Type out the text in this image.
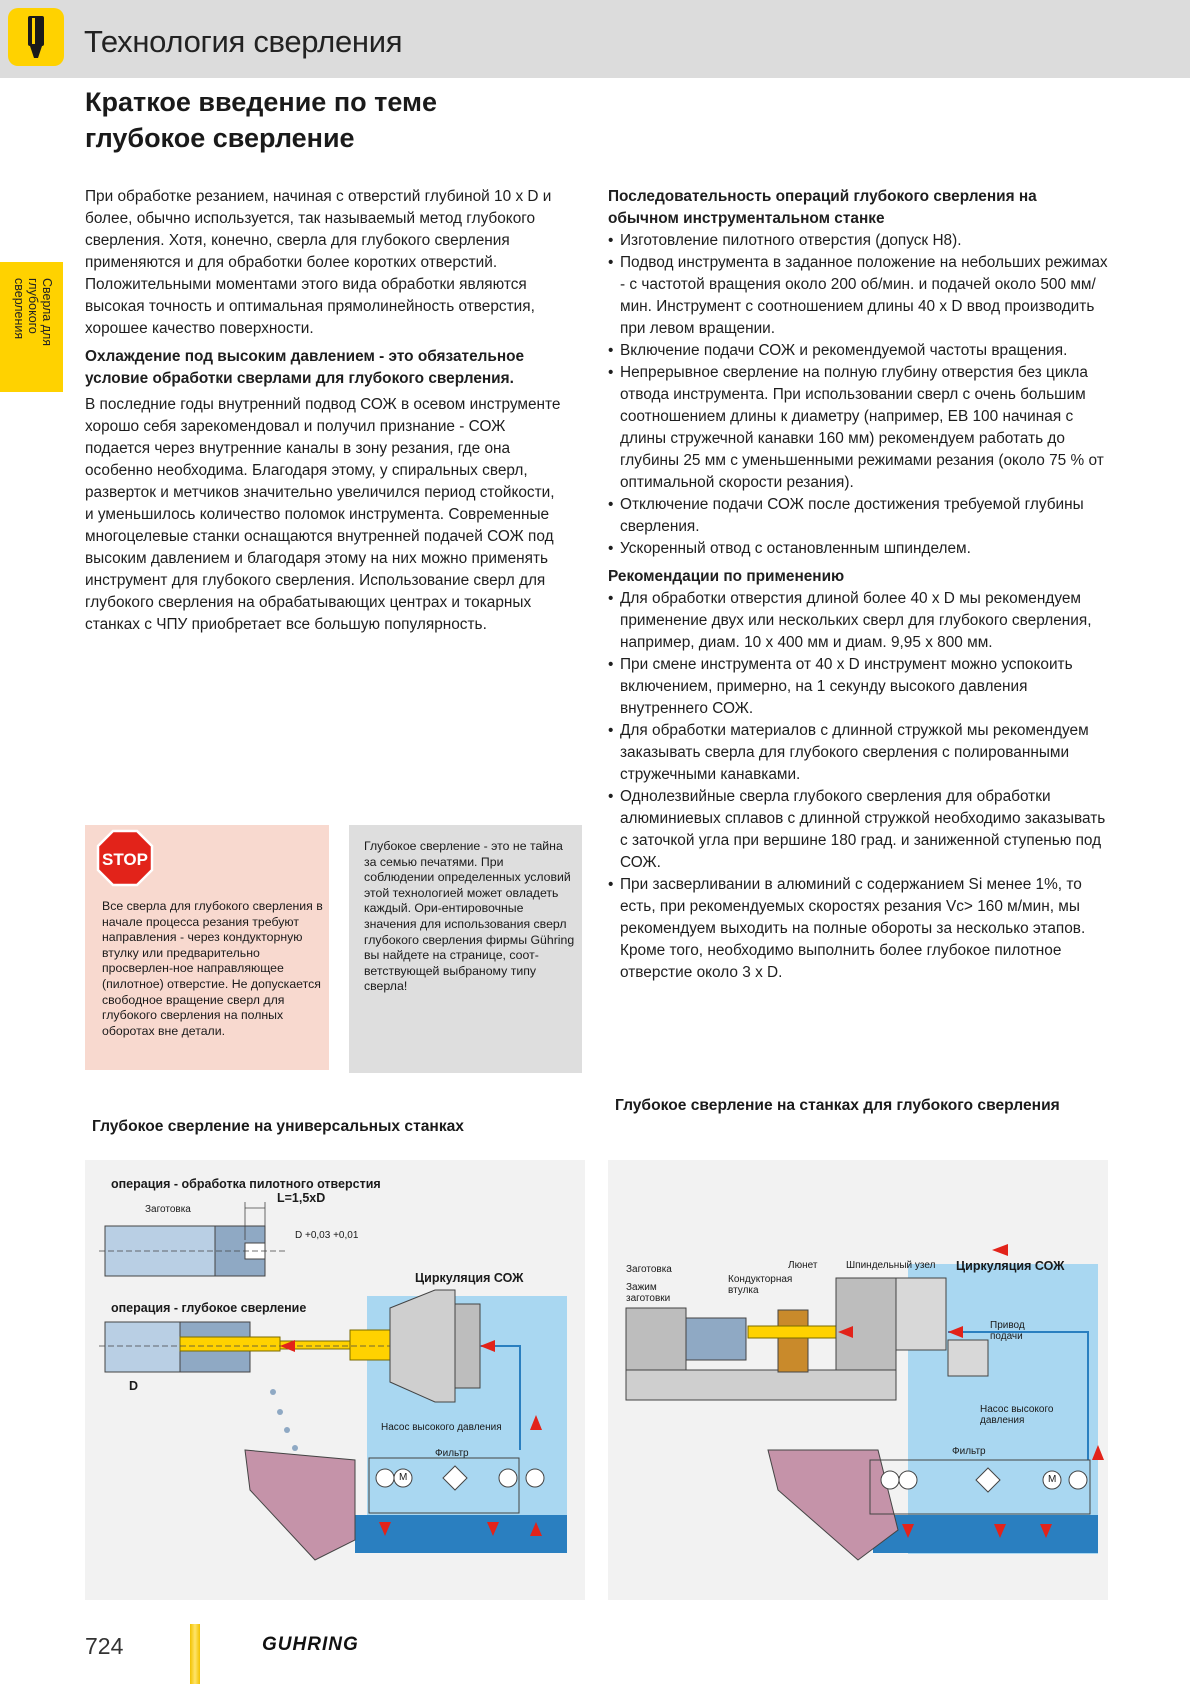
Технология сверления
Сверла для глубокого сверления
Краткое введение по теме
глубокое сверление

При обработке резанием, начиная с отверстий глубиной 10 x D и более, обычно используется, так называемый метод глубокого сверления. Хотя, конечно, сверла для глубокого сверления применяются и для обработки более коротких отверстий. Положительными моментами этого вида обработки являются высокая точность и оптимальная прямолинейность отверстия, хорошее качество поверхности.

Охлаждение под высоким давлением - это обязательное условие обработки сверлами для глубокого сверления.

В последние годы внутренний подвод СОЖ в осевом инструменте хорошо себя зарекомендовал и получил признание - СОЖ подается через внутренние каналы в зону резания, где она особенно необходима. Благодаря этому, у спиральных сверл, разверток и метчиков значительно увеличился период стойкости, и уменьшилось количество поломок инструмента. Современные многоцелевые станки оснащаются внутренней подачей СОЖ под высоким давлением и благодаря этому на них можно применять инструмент для глубокого сверления. Использование сверл для глубокого сверления на обрабатывающих центрах и токарных станках с ЧПУ приобретает все большую популярность.

Последовательность операций глубокого сверления на обычном инструментальном станке

• Изготовление пилотного отверстия (допуск H8).
• Подвод инструмента в заданное положение на небольших режимах - с частотой вращения около 200 об/мин. и подачей около 500 мм/мин. Инструмент с соотношением длины 40 x D ввод производить при левом вращении.
• Включение подачи СОЖ и рекомендуемой частоты вращения.
• Непрерывное сверление на полную глубину отверстия без цикла отвода инструмента. При использовании сверл с очень большим соотношением длины к диаметру (например, EB 100 начиная с длины стружечной канавки 160 мм) рекомендуем работать до глубины 25 мм с уменьшенными режимами резания (около 75 % от оптимальной скорости резания).
• Отключение подачи СОЖ после достижения требуемой глубины сверления.
• Ускоренный отвод с остановленным шпинделем.

Рекомендации по применению

• Для обработки отверстия длиной более 40 x D мы рекомендуем применение двух или нескольких сверл для глубокого сверления, например, диам. 10 x 400 мм и диам. 9,95 x 800 мм.
• При смене инструмента от 40 x D инструмент можно успокоить включением, примерно, на 1 секунду высокого давления внутреннего СОЖ.
• Для обработки материалов с длинной стружкой мы рекомендуем заказывать сверла для глубокого сверления с полированными стружечными канавками.
• Однолезвийные сверла глубокого сверления для обработки алюминиевых сплавов с длинной стружкой необходимо заказывать с заточкой угла при вершине 180 град. и заниженной ступенью под СОЖ.
• При засверливании в алюминий с содержанием Si менее 1%, то есть, при рекомендуемых скоростях резания Vc> 160 м/мин, мы рекомендуем выходить на полные обороты за несколько этапов. Кроме того, необходимо выполнить более глубокое пилотное отверстие около 3 x D.
STOP
Все сверла для глубокого сверления в начале процесса резания требуют направления - через кондукторную втулку или предварительно просверлен-ное направляющее (пилотное) отверстие. Не допускается свободное вращение сверл для глубокого сверления на полных оборотах вне детали.
Глубокое сверление - это не тайна за семью печатями. При соблюдении определенных условий этой технологией может овладеть каждый. Ори-ентировочные значения для использования сверл глубокого сверления фирмы Gühring вы найдете на странице, соот-ветствующей выбраному типу сверла!
Глубокое сверление на универсальных станках
Глубокое сверление на станках для глубокого сверления
операция - обработка пилотного отверстия
Заготовка
L=1,5xD
D +0,03 +0,01
операция - глубокое сверление
D
Циркуляция СОЖ
Насос высокого давления
Фильтр
M
Заготовка
Зажим заготовки
Люнет
Кондукторная втулка
Шпиндельный узел Циркуляция СОЖ
Привод подачи
Насос высокого давления
Фильтр
M
724	GUHRING
